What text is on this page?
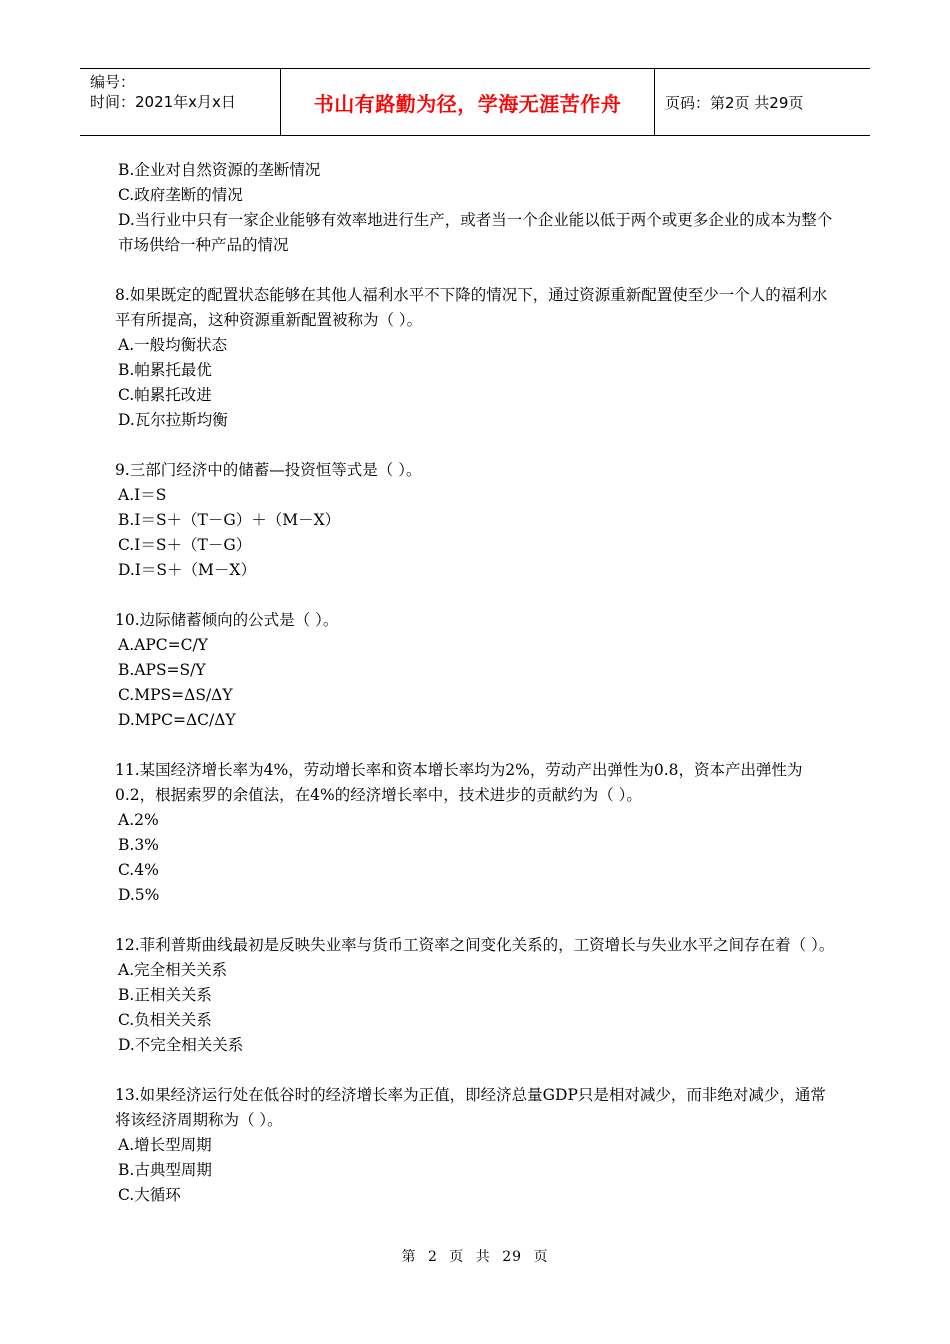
编号：
时间：2021年x月x日	书山有路勤为径，学海无涯苦作舟	页码：第2页 共29页

B.企业对自然资源的垄断情况

C.政府垄断的情况

D.当行业中只有一家企业能够有效率地进行生产，或者当一个企业能以低于两个或更多企业的成本为整个市场供给一种产品的情况

8.如果既定的配置状态能够在其他人福利水平不下降的情况下，通过资源重新配置使至少一个人的福利水平有所提高，这种资源重新配置被称为（ ）。

A.一般均衡状态

B.帕累托最优

C.帕累托改进

D.瓦尔拉斯均衡

9.三部门经济中的储蓄—投资恒等式是（ ）。

A.I＝S

B.I＝S＋（T－G）＋（M－X）

C.I＝S＋（T－G）

D.I＝S＋（M－X）

10.边际储蓄倾向的公式是（ ）。

A.APC=C/Y

B.APS=S/Y

C.MPS=ΔS/ΔY

D.MPC=ΔC/ΔY

11.某国经济增长率为4%，劳动增长率和资本增长率均为2%，劳动产出弹性为0.8，资本产出弹性为0.2，根据索罗的余值法，在4%的经济增长率中，技术进步的贡献约为（ ）。

A.2%

B.3%

C.4%

D.5%

12.菲利普斯曲线最初是反映失业率与货币工资率之间变化关系的，工资增长与失业水平之间存在着（ ）。

A.完全相关关系

B.正相关关系

C.负相关关系

D.不完全相关关系

13.如果经济运行处在低谷时的经济增长率为正值，即经济总量GDP只是相对减少，而非绝对减少，通常将该经济周期称为（ ）。

A.增长型周期

B.古典型周期

C.大循环

第 2 页 共 29 页
